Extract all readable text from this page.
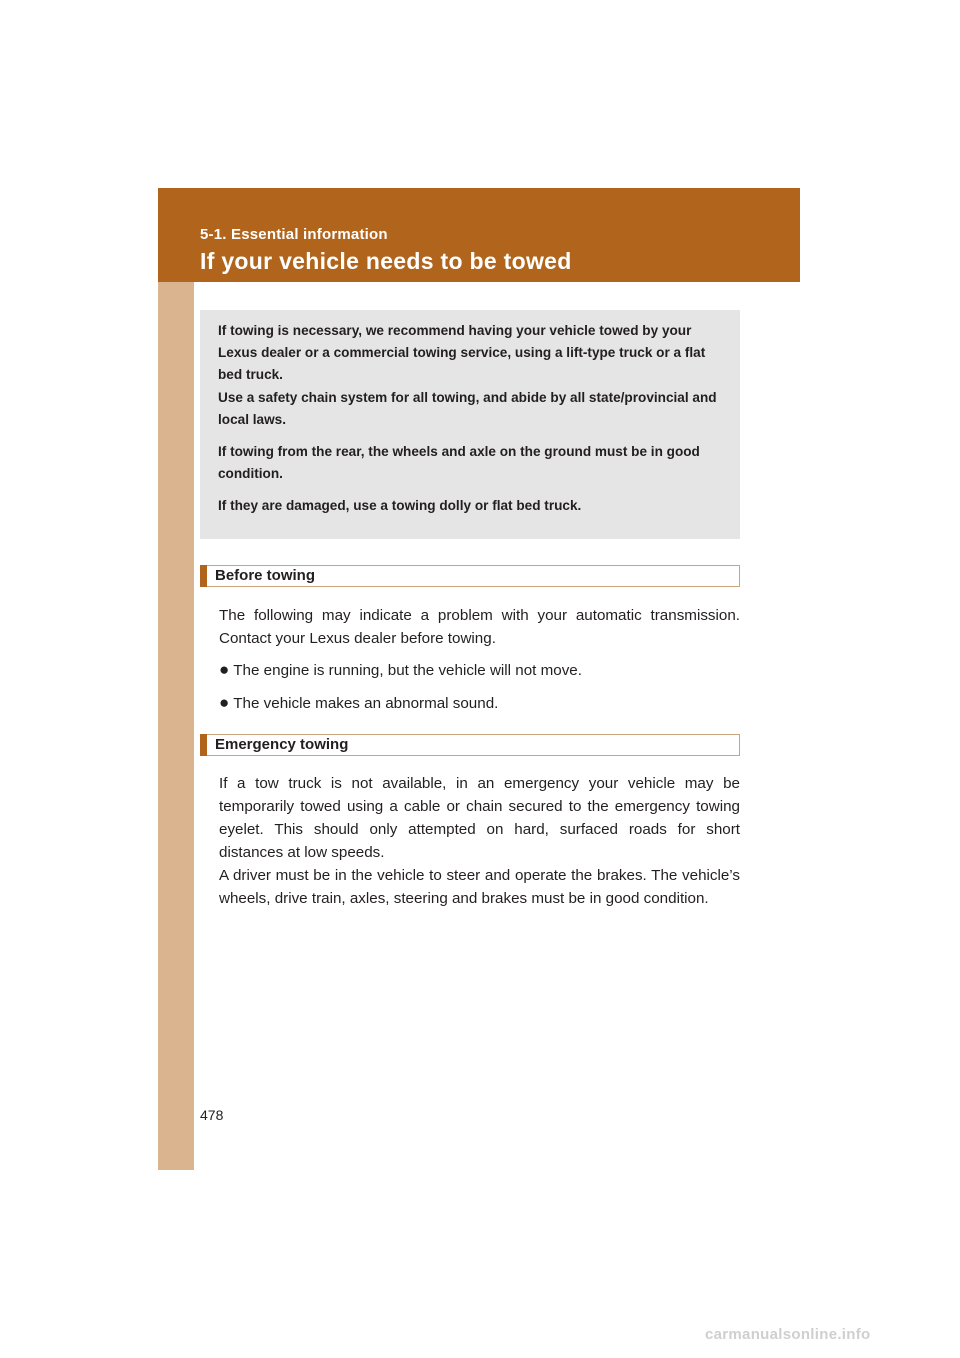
5-1. Essential information
If your vehicle needs to be towed

If towing is necessary, we recommend having your vehicle towed by your Lexus dealer or a commercial towing service, using a lift-type truck or a flat bed truck.

Use a safety chain system for all towing, and abide by all state/provincial and local laws.

If towing from the rear, the wheels and axle on the ground must be in good condition.

If they are damaged, use a towing dolly or flat bed truck.

Before towing

The following may indicate a problem with your automatic transmission. Contact your Lexus dealer before towing.

● The engine is running, but the vehicle will not move.

● The vehicle makes an abnormal sound.

Emergency towing

If a tow truck is not available, in an emergency your vehicle may be temporarily towed using a cable or chain secured to the emergency towing eyelet. This should only attempted on hard, surfaced roads for short distances at low speeds.

A driver must be in the vehicle to steer and operate the brakes. The vehicle’s wheels, drive train, axles, steering and brakes must be in good condition.

478
carmanualsonline.info
